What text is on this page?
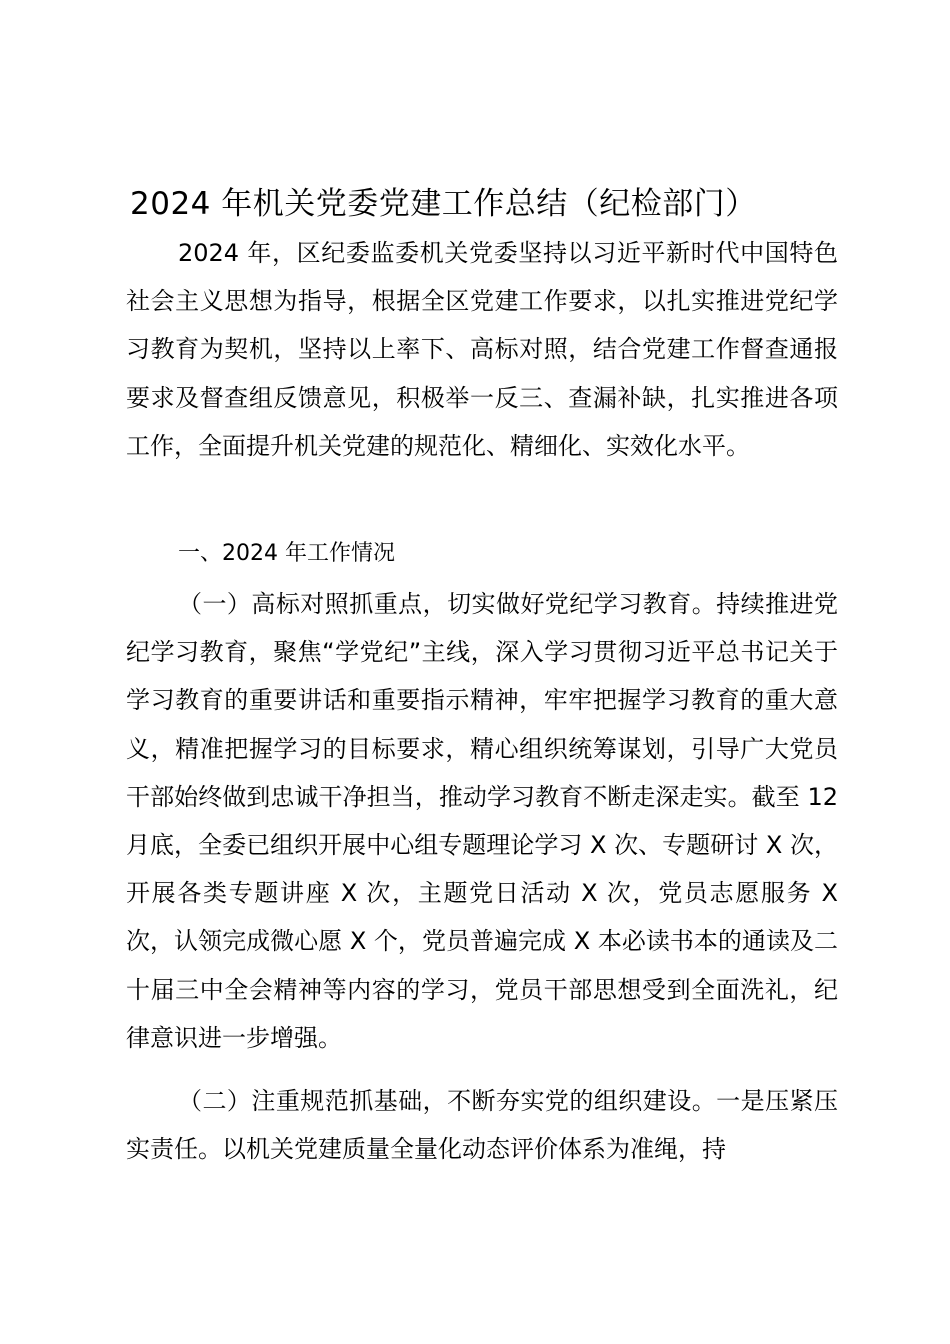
2024 年机关党委党建工作总结（纪检部门）

2024 年，区纪委监委机关党委坚持以习近平新时代中国特色社会主义思想为指导，根据全区党建工作要求，以扎实推进党纪学习教育为契机，坚持以上率下、高标对照，结合党建工作督查通报要求及督查组反馈意见，积极举一反三、查漏补缺，扎实推进各项工作，全面提升机关党建的规范化、精细化、实效化水平。

一、2024 年工作情况

（一）高标对照抓重点，切实做好党纪学习教育。持续推进党纪学习教育，聚焦“学党纪”主线，深入学习贯彻习近平总书记关于学习教育的重要讲话和重要指示精神，牢牢把握学习教育的重大意义，精准把握学习的目标要求，精心组织统筹谋划，引导广大党员干部始终做到忠诚干净担当，推动学习教育不断走深走实。截至 12 月底，全委已组织开展中心组专题理论学习 X 次、专题研讨 X 次，开展各类专题讲座 X 次，主题党日活动 X 次，党员志愿服务 X 次，认领完成微心愿 X 个，党员普遍完成 X 本必读书本的通读及二十届三中全会精神等内容的学习，党员干部思想受到全面洗礼，纪律意识进一步增强。

（二）注重规范抓基础，不断夯实党的组织建设。一是压紧压实责任。以机关党建质量全量化动态评价体系为准绳，持
